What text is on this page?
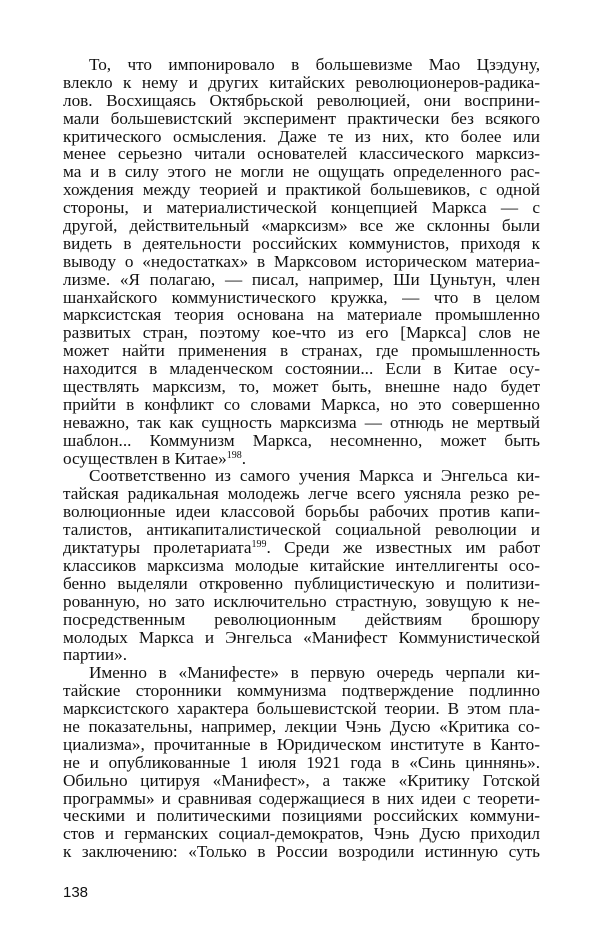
То, что импонировало в большевизме Мао Цзэдуну,
влекло к нему и других китайских революционеров-радика-
лов. Восхищаясь Октябрьской революцией, они восприни-
мали большевистский эксперимент практически без всякого
критического осмысления. Даже те из них, кто более или
менее серьезно читали основателей классического марксиз-
ма и в силу этого не могли не ощущать определенного рас-
хождения между теорией и практикой большевиков, с одной
стороны, и материалистической концепцией Маркса — с
другой, действительный «марксизм» все же склонны были
видеть в деятельности российских коммунистов, приходя к
выводу о «недостатках» в Марксовом историческом материа-
лизме. «Я полагаю, — писал, например, Ши Цуньтун, член
шанхайского коммунистического кружка, — что в целом
марксистская теория основана на материале промышленно
развитых стран, поэтому кое-что из его [Маркса] слов не
может найти применения в странах, где промышленность
находится в младенческом состоянии... Если в Китае осу-
ществлять марксизм, то, может быть, внешне надо будет
прийти в конфликт со словами Маркса, но это совершенно
неважно, так как сущность марксизма — отнюдь не мертвый
шаблон... Коммунизм Маркса, несомненно, может быть
осуществлен в Китае»$^{198}$.
Соответственно из самого учения Маркса и Энгельса ки-
тайская радикальная молодежь легче всего уясняла резко ре-
волюционные идеи классовой борьбы рабочих против капи-
талистов, антикапиталистической социальной революции и
диктатуры пролетариата$^{199}$. Среди же известных им работ
классиков марксизма молодые китайские интеллигенты осо-
бенно выделяли откровенно публицистическую и политизи-
рованную, но зато исключительно страстную, зовущую к не-
посредственным революционным действиям брошюру
молодых Маркса и Энгельса «Манифест Коммунистической
партии».
Именно в «Манифесте» в первую очередь черпали ки-
тайские сторонники коммунизма подтверждение подлинно
марксистского характера большевистской теории. В этом пла-
не показательны, например, лекции Чэнь Дусю «Критика со-
циализма», прочитанные в Юридическом институте в Канто-
не и опубликованные 1 июля 1921 года в «Синь циннянь».
Обильно цитируя «Манифест», а также «Критику Готской
программы» и сравнивая содержащиеся в них идеи с теорети-
ческими и политическими позициями российских коммуни-
стов и германских социал-демократов, Чэнь Дусю приходил
к заключению: «Только в России возродили истинную суть
138
